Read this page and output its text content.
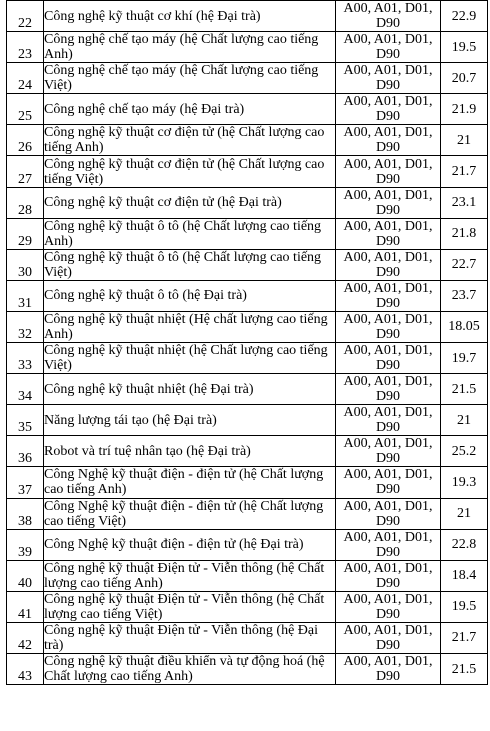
22	Công nghệ kỹ thuật cơ khí (hệ Đại trà)	A00, A01, D01, D90	22.9
23	Công nghệ chế tạo máy (hệ Chất lượng cao tiếng Anh)	A00, A01, D01, D90	19.5
24	Công nghệ chế tạo máy (hệ Chất lượng cao tiếng Việt)	A00, A01, D01, D90	20.7
25	Công nghệ chế tạo máy (hệ Đại trà)	A00, A01, D01, D90	21.9
26	Công nghệ kỹ thuật cơ điện tử (hệ Chất lượng cao tiếng Anh)	A00, A01, D01, D90	21
27	Công nghệ kỹ thuật cơ điện tử (hệ Chất lượng cao tiếng Việt)	A00, A01, D01, D90	21.7
28	Công nghệ kỹ thuật cơ điện tử (hệ Đại trà)	A00, A01, D01, D90	23.1
29	Công nghệ kỹ thuật ô tô (hệ Chất lượng cao tiếng Anh)	A00, A01, D01, D90	21.8
30	Công nghệ kỹ thuật ô tô (hệ Chất lượng cao tiếng Việt)	A00, A01, D01, D90	22.7
31	Công nghệ kỹ thuật ô tô (hệ Đại trà)	A00, A01, D01, D90	23.7
32	Công nghệ kỹ thuật nhiệt (Hệ chất lượng cao tiếng Anh)	A00, A01, D01, D90	18.05
33	Công nghệ kỹ thuật nhiệt (hệ Chất lượng cao tiếng Việt)	A00, A01, D01, D90	19.7
34	Công nghệ kỹ thuật nhiệt (hệ Đại trà)	A00, A01, D01, D90	21.5
35	Năng lượng tái tạo (hệ Đại trà)	A00, A01, D01, D90	21
36	Robot và trí tuệ nhân tạo (hệ Đại trà)	A00, A01, D01, D90	25.2
37	Công Nghệ kỹ thuật điện - điện tử (hệ Chất lượng cao tiếng Anh)	A00, A01, D01, D90	19.3
38	Công Nghệ kỹ thuật điện - điện tử (hệ Chất lượng cao tiếng Việt)	A00, A01, D01, D90	21
39	Công Nghệ kỹ thuật điện - điện tử (hệ Đại trà)	A00, A01, D01, D90	22.8
40	Công nghệ kỹ thuật Điện tử - Viễn thông (hệ Chất lượng cao tiếng Anh)	A00, A01, D01, D90	18.4
41	Công nghệ kỹ thuật Điện tử - Viễn thông (hệ Chất lượng cao tiếng Việt)	A00, A01, D01, D90	19.5
42	Công nghệ kỹ thuật Điện tử - Viễn thông (hệ Đại trà)	A00, A01, D01, D90	21.7
43	Công nghệ kỹ thuật điều khiển và tự động hoá (hệ Chất lượng cao tiếng Anh)	A00, A01, D01, D90	21.5
